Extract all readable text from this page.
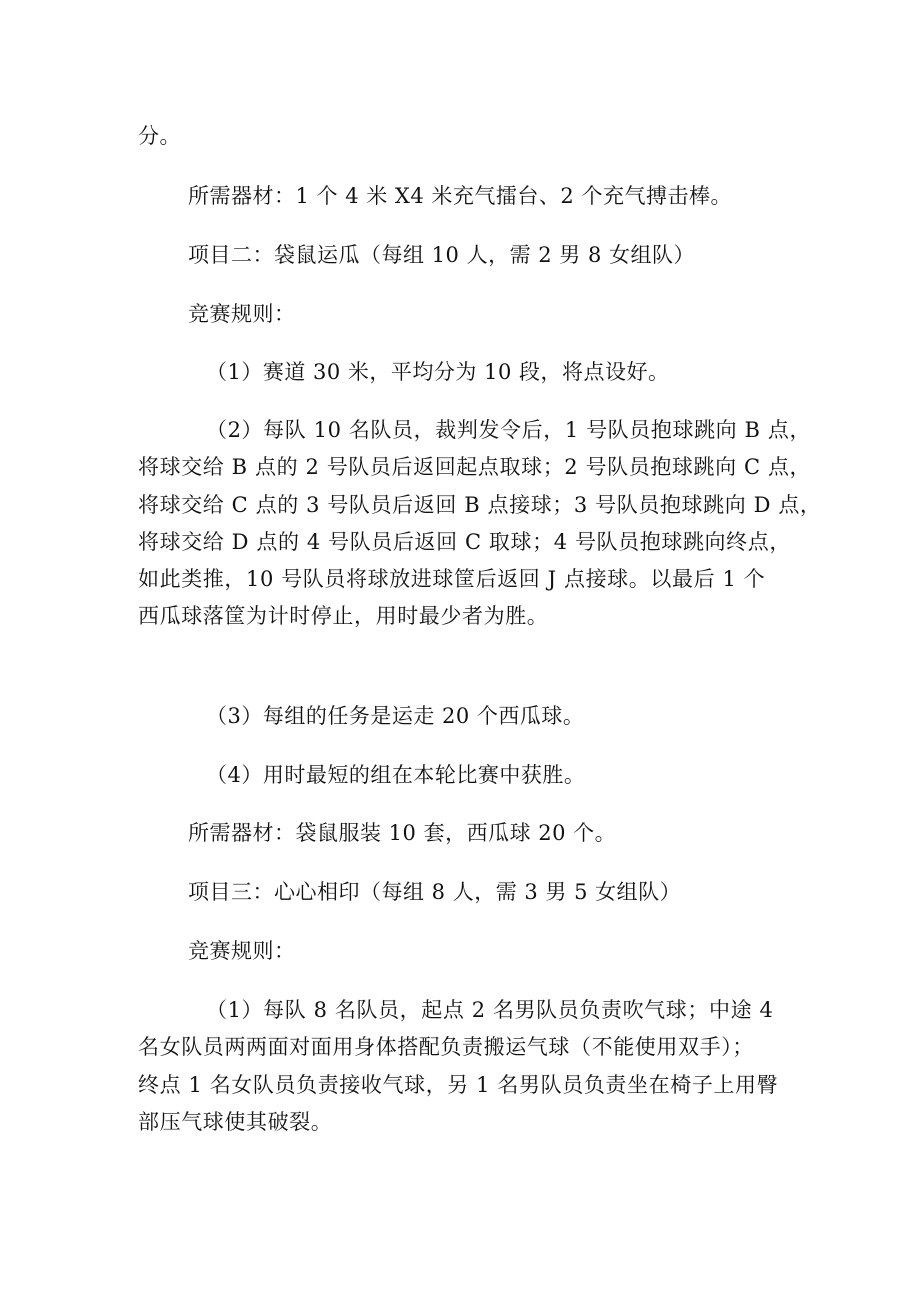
分。

所需器材：1 个 4 米 X4 米充气擂台、2 个充气搏击棒。

项目二：袋鼠运瓜（每组 10 人，需 2 男 8 女组队）

竞赛规则：

（1）赛道 30 米，平均分为 10 段，将点设好。

（2）每队 10 名队员，裁判发令后，1 号队员抱球跳向 B 点，
将球交给 B 点的 2 号队员后返回起点取球；2 号队员抱球跳向 C 点，
将球交给 C 点的 3 号队员后返回 B 点接球；3 号队员抱球跳向 D 点，
将球交给 D 点的 4 号队员后返回 C 取球；4 号队员抱球跳向终点，
如此类推，10 号队员将球放进球筐后返回 J 点接球。以最后 1 个
西瓜球落筐为计时停止，用时最少者为胜。

（3）每组的任务是运走 20 个西瓜球。

（4）用时最短的组在本轮比赛中获胜。

所需器材：袋鼠服装 10 套，西瓜球 20 个。

项目三：心心相印（每组 8 人，需 3 男 5 女组队）

竞赛规则：

（1）每队 8 名队员，起点 2 名男队员负责吹气球；中途 4
名女队员两两面对面用身体搭配负责搬运气球（不能使用双手）；
终点 1 名女队员负责接收气球，另 1 名男队员负责坐在椅子上用臀
部压气球使其破裂。
